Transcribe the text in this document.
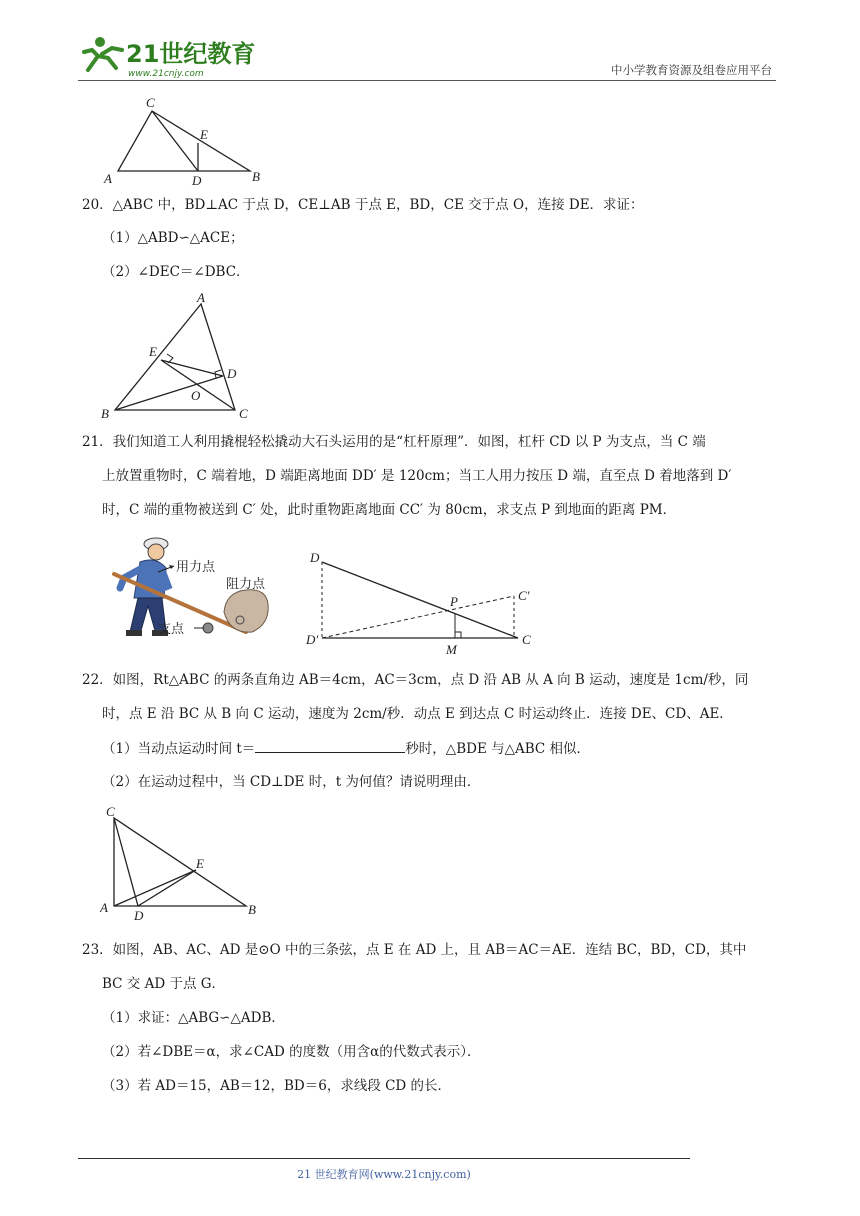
21世纪教育
www.21cnjy.com	中小学教育资源及组卷应用平台
C
E
A	D	B
20．△ABC 中，BD⊥AC 于点 D，CE⊥AB 于点 E，BD，CE 交于点 O，连接 DE．求证：
（1）△ABD∽△ACE；
（2）∠DEC＝∠DBC．
A
E
D
O
B	C
21．我们知道工人利用撬棍轻松撬动大石头运用的是“杠杆原理”．如图，杠杆 CD 以 P 为支点，当 C 端
上放置重物时，C 端着地，D 端距离地面 DD′ 是 120cm；当工人用力按压 D 端，直至点 D 着地落到 D′
时，C 端的重物被送到 C′ 处，此时重物距离地面 CC′ 为 80cm，求支点 P 到地面的距离 PM．
用力点
阻力点
支点
D
P	C′
D′
M
C
22．如图，Rt△ABC 的两条直角边 AB＝4cm，AC＝3cm，点 D 沿 AB 从 A 向 B 运动，速度是 1cm/秒，同
时，点 E 沿 BC 从 B 向 C 运动，速度为 2cm/秒．动点 E 到达点 C 时运动终止．连接 DE、CD、AE．
（1）当动点运动时间 t＝	秒时，△BDE 与△ABC 相似．
（2）在运动过程中，当 CD⊥DE 时，t 为何值？请说明理由．
C
E
A
D	B
23．如图，AB、AC、AD 是⊙O 中的三条弦，点 E 在 AD 上，且 AB＝AC＝AE．连结 BC，BD，CD，其中
BC 交 AD 于点 G．
（1）求证：△ABG∽△ADB．
（2）若∠DBE＝α，求∠CAD 的度数（用含α的代数式表示）．
（3）若 AD＝15，AB＝12，BD＝6，求线段 CD 的长．
21 世纪教育网(www.21cnjy.com)
